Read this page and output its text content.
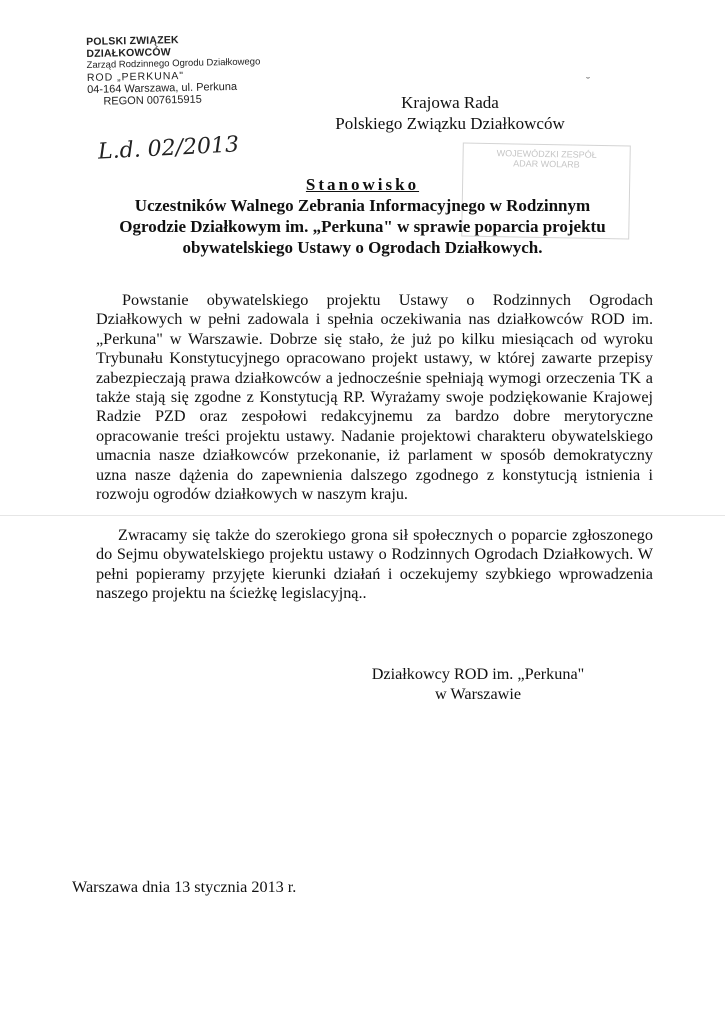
POLSKI ZWIĄZEK DZIAŁKOWCÓW
Zarząd Rodzinnego Ogrodu Działkowego
ROD „PERKUNA"
04-164 Warszawa, ul. Perkuna
REGON 007615915
˘
L.d. 02/2013
Krajowa Rada
Polskiego Związku Działkowców
WOJEWÓDZKI ZESPÓŁ
ADAR WOLARB
Stanowisko
Uczestników Walnego Zebrania Informacyjnego w Rodzinnym
Ogrodzie Działkowym im. „Perkuna" w sprawie poparcia projektu
obywatelskiego Ustawy o Ogrodach Działkowych.
Powstanie obywatelskiego projektu Ustawy o Rodzinnych Ogrodach Działkowych w pełni zadowala i spełnia oczekiwania nas działkowców ROD im. „Perkuna" w Warszawie. Dobrze się stało, że już po kilku miesiącach od wyroku Trybunału Konstytucyjnego opracowano projekt ustawy, w której zawarte przepisy zabezpieczają prawa działkowców a jednocześnie spełniają wymogi orzeczenia TK a także stają się zgodne z Konstytucją RP. Wyrażamy swoje podziękowanie Krajowej Radzie PZD oraz zespołowi redakcyjnemu za bardzo dobre merytoryczne opracowanie treści projektu ustawy. Nadanie projektowi charakteru obywatelskiego umacnia nasze działkowców przekonanie, iż parlament w sposób demokratyczny uzna nasze dążenia do zapewnienia dalszego zgodnego z konstytucją istnienia i rozwoju ogrodów działkowych w naszym kraju.
Zwracamy się także do szerokiego grona sił społecznych o poparcie zgłoszonego do Sejmu obywatelskiego projektu ustawy o Rodzinnych Ogrodach Działkowych. W pełni popieramy przyjęte kierunki działań i oczekujemy szybkiego wprowadzenia naszego projektu na ścieżkę legislacyjną..
Działkowcy ROD im. „Perkuna"
w Warszawie
Warszawa dnia 13 stycznia 2013 r.
